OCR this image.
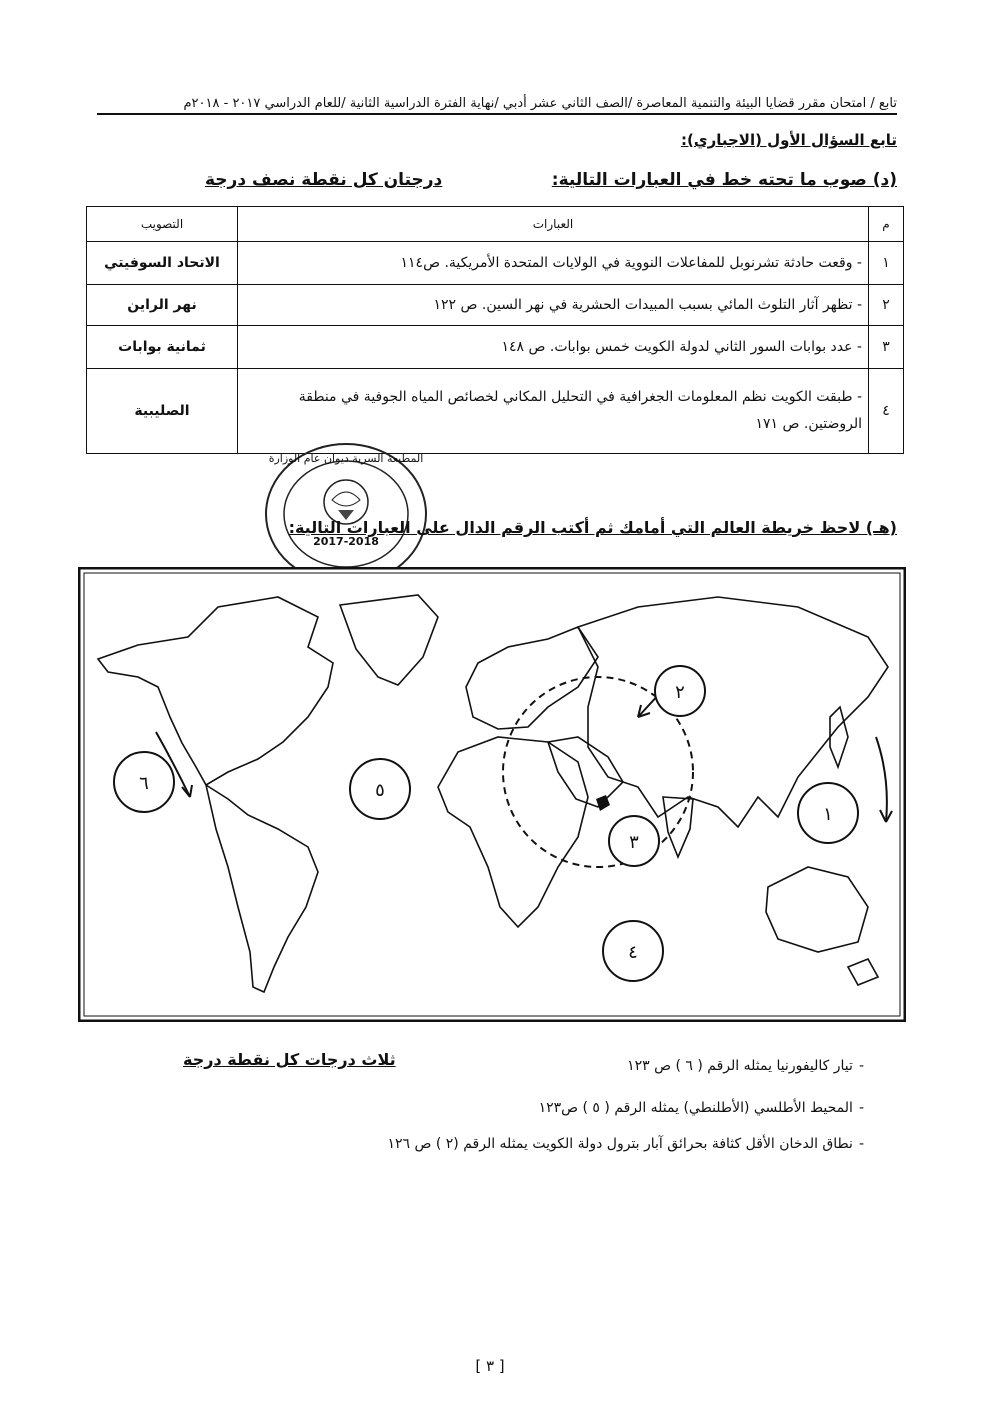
تابع / امتحان مقرر قضايا البيئة والتنمية المعاصرة /الصف الثاني عشر أدبي /نهاية الفترة الدراسية الثانية /للعام الدراسي ٢٠١٧ - ٢٠١٨م
تابع السؤال الأول (الاجباري):
(د) صوب ما تحته خط في العبارات التالية:
درجتان كل نقطة نصف درجة
م	العبارات	التصويب
١	- وقعت حادثة تشرنوبل للمفاعلات النووية في الولايات المتحدة الأمريكية. ص١١٤	الاتحاد السوفيتي
٢	- تظهر آثار التلوث المائي بسبب المبيدات الحشرية في نهر السين. ص ١٢٢	نهر الراين
٣	- عدد بوابات السور الثاني لدولة الكويت خمس بوابات. ص ١٤٨	ثمانية بوابات
٤	- طبقت الكويت نظم المعلومات الجغرافية في التحليل المكاني لخصائص المياه الجوفية في منطقة الروضتين. ص ١٧١	الصليبية
2017-2018
المطبعة السرية ديوان عام الوزارة
(هـ) لاحظ خريطة العالم التي أمامك ثم أكتب الرقم الدال على العبارات التالية:
١
٢
٣
٤
٥
٦
ثلاث درجات كل نقطة درجة	-تيار كاليفورنيا يمثله الرقم ( ٦ ) ص ١٢٣
-المحيط الأطلسي (الأطلنطي) يمثله الرقم ( ٥ ) ص١٢٣
-نطاق الدخان الأقل كثافة بحرائق آبار بترول دولة الكويت يمثله الرقم (٢ ) ص ١٢٦
[ ٣ ]
